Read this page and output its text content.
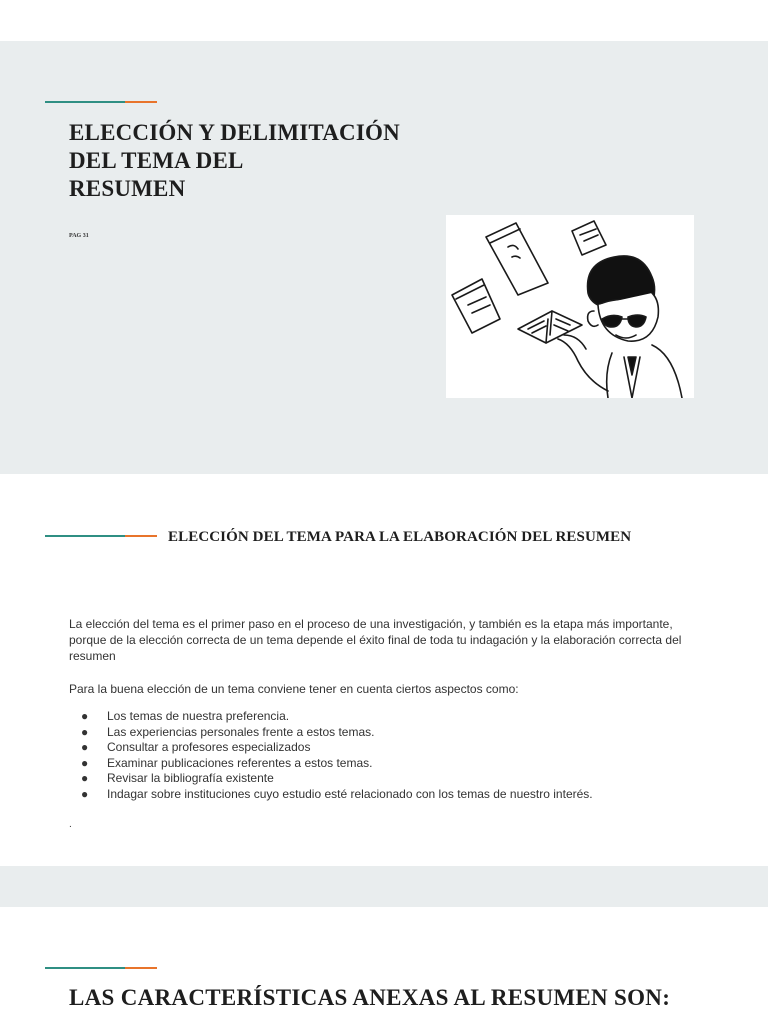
ELECCIÓN Y DELIMITACIÓN
DEL TEMA DEL
RESUMEN
PAG 31
ELECCIÓN DEL TEMA PARA LA ELABORACIÓN DEL RESUMEN

La elección del tema es el primer paso en el proceso de una investigación, y también es la etapa más importante, porque de la elección correcta de un tema depende el éxito final de toda tu indagación y la elaboración correcta del resumen

Para la buena elección de un tema conviene tener en cuenta ciertos aspectos como:

● Los temas de nuestra preferencia.
● Las experiencias personales frente a estos temas.
● Consultar a profesores especializados
● Examinar publicaciones referentes a estos temas.
● Revisar la bibliografía existente
● Indagar sobre instituciones cuyo estudio esté relacionado con los temas de nuestro interés.
.
LAS CARACTERÍSTICAS ANEXAS AL RESUMEN SON:
